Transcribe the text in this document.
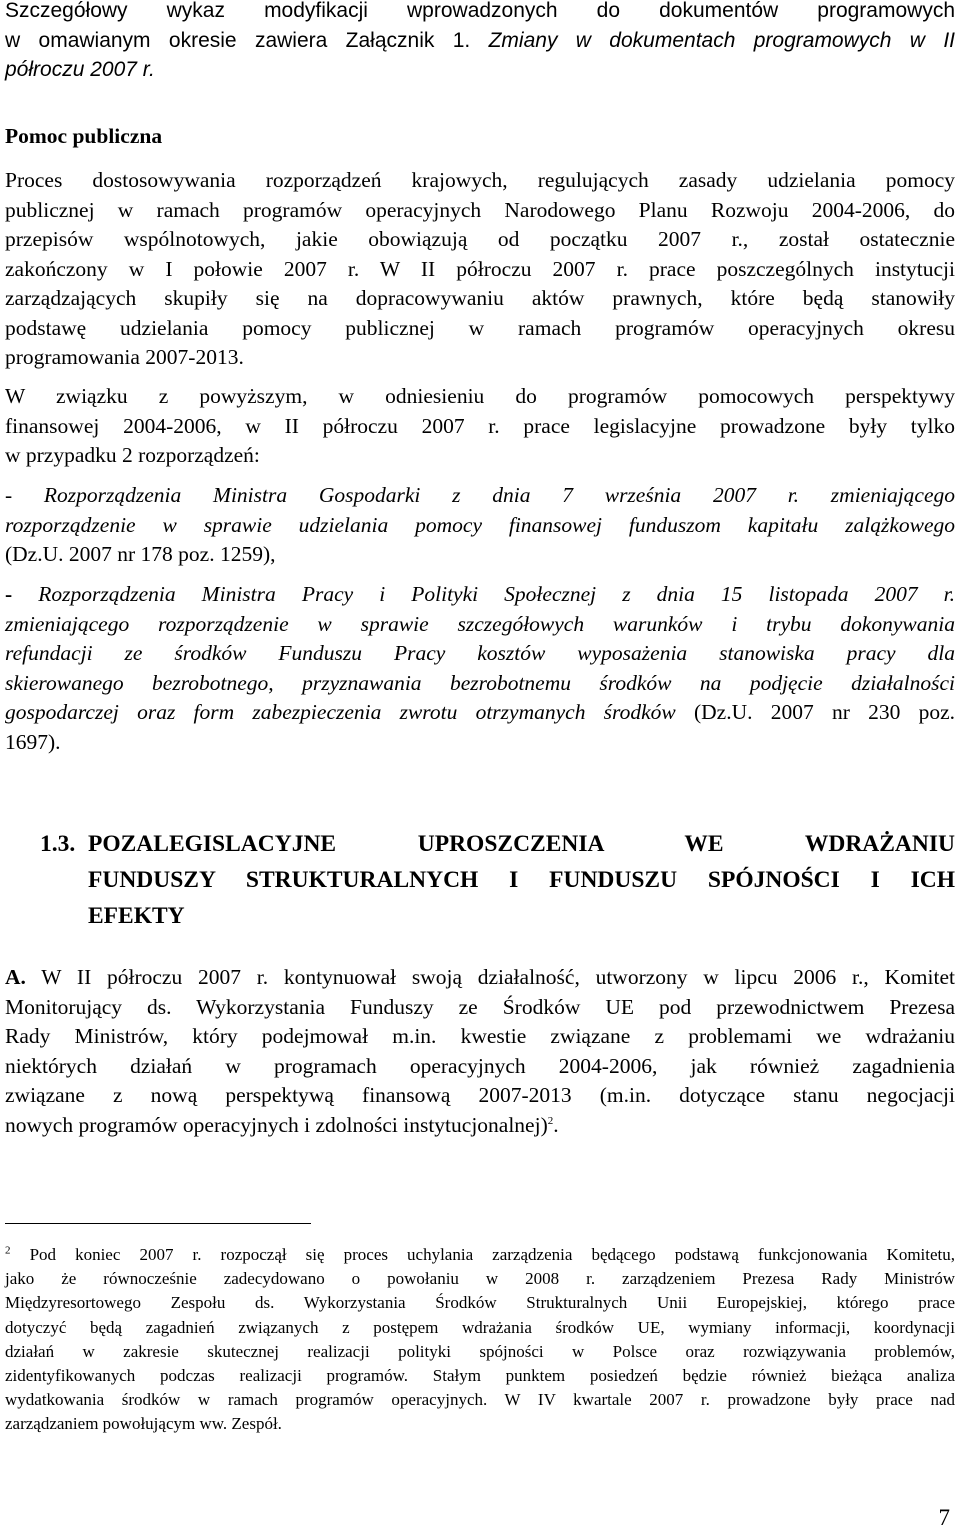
Szczegółowy wykaz modyfikacji wprowadzonych do dokumentów programowych
w omawianym okresie zawiera Załącznik 1. Zmiany w dokumentach programowych w II
półroczu 2007 r.
Pomoc publiczna
Proces dostosowywania rozporządzeń krajowych, regulujących zasady udzielania pomocy
publicznej w ramach programów operacyjnych Narodowego Planu Rozwoju 2004-2006, do
przepisów wspólnotowych, jakie obowiązują od początku 2007 r., został ostatecznie
zakończony w I połowie 2007 r. W II półroczu 2007 r. prace poszczególnych instytucji
zarządzających skupiły się na dopracowywaniu aktów prawnych, które będą stanowiły
podstawę udzielania pomocy publicznej w ramach programów operacyjnych okresu
programowania 2007-2013.
W związku z powyższym, w odniesieniu do programów pomocowych perspektywy
finansowej 2004-2006, w II półroczu 2007 r. prace legislacyjne prowadzone były tylko
w przypadku 2 rozporządzeń:
- Rozporządzenia Ministra Gospodarki z dnia 7 września 2007 r. zmieniającego
rozporządzenie w sprawie udzielania pomocy finansowej funduszom kapitału zalążkowego
(Dz.U. 2007 nr 178 poz. 1259),
- Rozporządzenia Ministra Pracy i Polityki Społecznej z dnia 15 listopada 2007 r.
zmieniającego rozporządzenie w sprawie szczegółowych warunków i trybu dokonywania
refundacji ze środków Funduszu Pracy kosztów wyposażenia stanowiska pracy dla
skierowanego bezrobotnego, przyznawania bezrobotnemu środków na podjęcie działalności
gospodarczej oraz form zabezpieczenia zwrotu otrzymanych środków (Dz.U. 2007 nr 230 poz.
1697).
1.3. POZALEGISLACYJNE UPROSZCZENIA WE WDRAŻANIU
FUNDUSZY STRUKTURALNYCH I FUNDUSZU SPÓJNOŚCI I ICH
EFEKTY
A. W II półroczu 2007 r. kontynuował swoją działalność, utworzony w lipcu 2006 r., Komitet
Monitorujący ds. Wykorzystania Funduszy ze Środków UE pod przewodnictwem Prezesa
Rady Ministrów, który podejmował m.in. kwestie związane z problemami we wdrażaniu
niektórych działań w programach operacyjnych 2004-2006, jak również zagadnienia
związane z nową perspektywą finansową 2007-2013 (m.in. dotyczące stanu negocjacji
nowych programów operacyjnych i zdolności instytucjonalnej)$^2$.
$^2$ Pod koniec 2007 r. rozpoczął się proces uchylania zarządzenia będącego podstawą funkcjonowania Komitetu,
jako że równocześnie zadecydowano o powołaniu w 2008 r. zarządzeniem Prezesa Rady Ministrów
Międzyresortowego Zespołu ds. Wykorzystania Środków Strukturalnych Unii Europejskiej, którego prace
dotyczyć będą zagadnień związanych z postępem wdrażania środków UE, wymiany informacji, koordynacji
działań w zakresie skutecznej realizacji polityki spójności w Polsce oraz rozwiązywania problemów,
zidentyfikowanych podczas realizacji programów. Stałym punktem posiedzeń będzie również bieżąca analiza
wydatkowania środków w ramach programów operacyjnych. W IV kwartale 2007 r. prowadzone były prace nad
zarządzaniem powołującym ww. Zespół.
7
